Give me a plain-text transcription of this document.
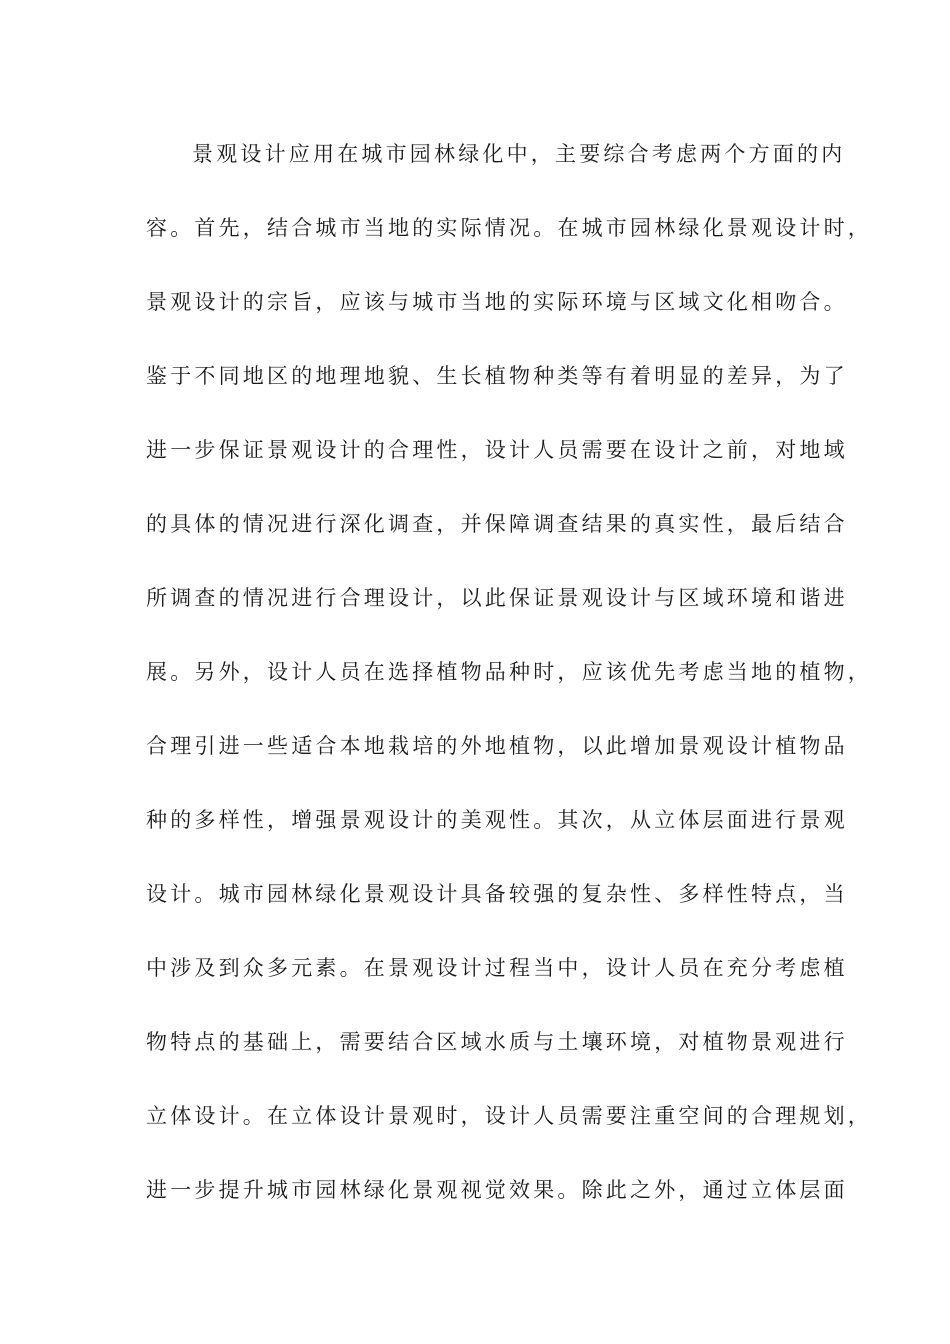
景观设计应用在城市园林绿化中，主要综合考虑两个方面的内
容。首先，结合城市当地的实际情况。在城市园林绿化景观设计时，
景观设计的宗旨，应该与城市当地的实际环境与区域文化相吻合。
鉴于不同地区的地理地貌、生长植物种类等有着明显的差异，为了
进一步保证景观设计的合理性，设计人员需要在设计之前，对地域
的具体的情况进行深化调查，并保障调查结果的真实性，最后结合
所调查的情况进行合理设计，以此保证景观设计与区域环境和谐进
展。另外，设计人员在选择植物品种时，应该优先考虑当地的植物，
合理引进一些适合本地栽培的外地植物，以此增加景观设计植物品
种的多样性，增强景观设计的美观性。其次，从立体层面进行景观
设计。城市园林绿化景观设计具备较强的复杂性、多样性特点，当
中涉及到众多元素。在景观设计过程当中，设计人员在充分考虑植
物特点的基础上，需要结合区域水质与土壤环境，对植物景观进行
立体设计。在立体设计景观时，设计人员需要注重空间的合理规划，
进一步提升城市园林绿化景观视觉效果。除此之外，通过立体层面
